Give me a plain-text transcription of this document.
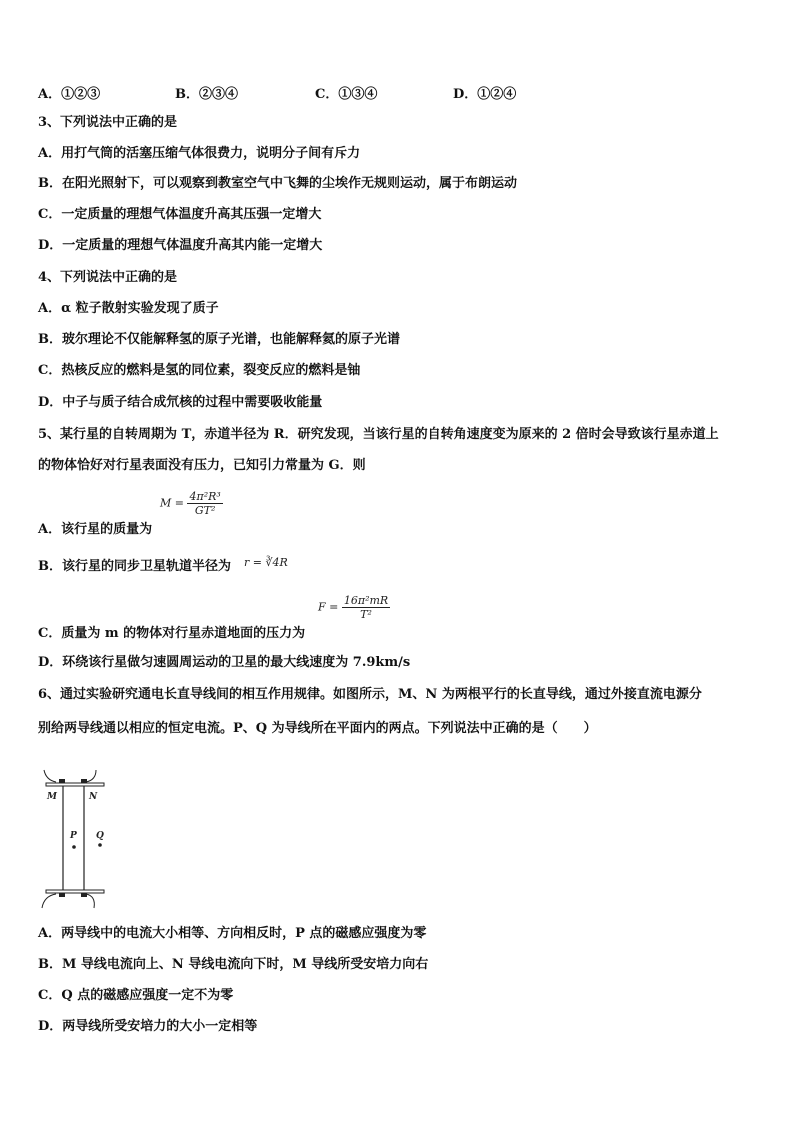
A．①②③	B．②③④	C．①③④	D．①②④
3、下列说法中正确的是
A．用打气筒的活塞压缩气体很费力，说明分子间有斥力
B．在阳光照射下，可以观察到教室空气中飞舞的尘埃作无规则运动，属于布朗运动
C．一定质量的理想气体温度升高其压强一定增大
D．一定质量的理想气体温度升高其内能一定增大
4、下列说法中正确的是
A．α 粒子散射实验发现了质子
B．玻尔理论不仅能解释氢的原子光谱，也能解释氦的原子光谱
C．热核反应的燃料是氢的同位素，裂变反应的燃料是铀
D．中子与质子结合成氘核的过程中需要吸收能量
5、某行星的自转周期为 T，赤道半径为 R．研究发现，当该行星的自转角速度变为原来的 2 倍时会导致该行星赤道上
的物体恰好对行星表面没有压力，已知引力常量为 G．则
A．该行星的质量为
$M = \frac{\text{4π²R³}}{\text{GT²}}$
B．该行星的同步卫星轨道半径为 r = ∛4R
C．质量为 m 的物体对行星赤道地面的压力为
$F = \frac{\text{16π²mR}}{\text{T²}}$
D．环绕该行星做匀速圆周运动的卫星的最大线速度为 7.9km/s
6、通过实验研究通电长直导线间的相互作用规律。如图所示，M、N 为两根平行的长直导线，通过外接直流电源分
别给两导线通以相应的恒定电流。P、Q 为导线所在平面内的两点。下列说法中正确的是（　　）
M	N
P Q
A．两导线中的电流大小相等、方向相反时，P 点的磁感应强度为零
B．M 导线电流向上、N 导线电流向下时，M 导线所受安培力向右
C．Q 点的磁感应强度一定不为零
D．两导线所受安培力的大小一定相等
